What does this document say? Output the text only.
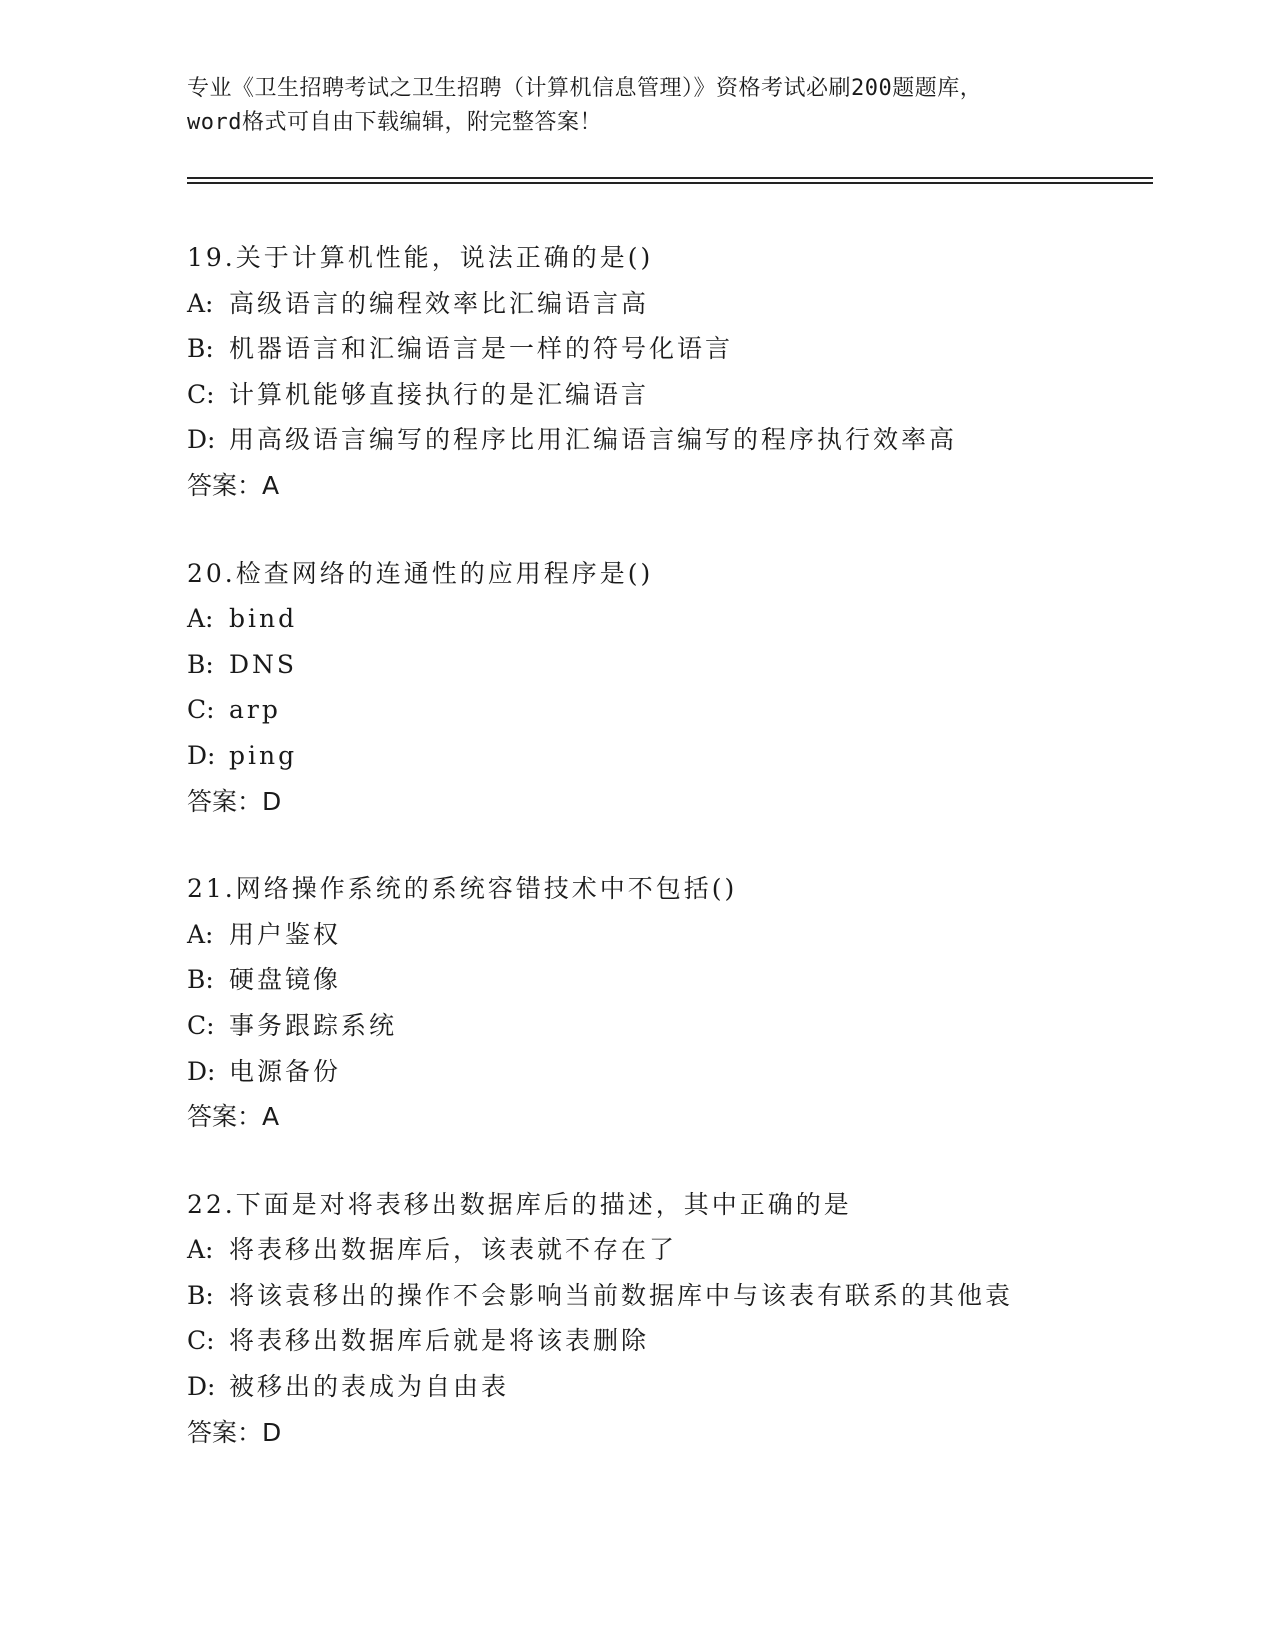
专业《卫生招聘考试之卫生招聘（计算机信息管理）》资格考试必刷200题题库，
word格式可自由下载编辑，附完整答案！
19.关于计算机性能，说法正确的是()
A: 高级语言的编程效率比汇编语言高
B: 机器语言和汇编语言是一样的符号化语言
C: 计算机能够直接执行的是汇编语言
D: 用高级语言编写的程序比用汇编语言编写的程序执行效率高
答案：A
20.检查网络的连通性的应用程序是()
A: bind
B: DNS
C: arp
D: ping
答案：D
21.网络操作系统的系统容错技术中不包括()
A: 用户鉴权
B: 硬盘镜像
C: 事务跟踪系统
D: 电源备份
答案：A
22.下面是对将表移出数据库后的描述，其中正确的是
A: 将表移出数据库后，该表就不存在了
B: 将该袁移出的操作不会影响当前数据库中与该表有联系的其他袁
C: 将表移出数据库后就是将该表删除
D: 被移出的表成为自由表
答案：D
